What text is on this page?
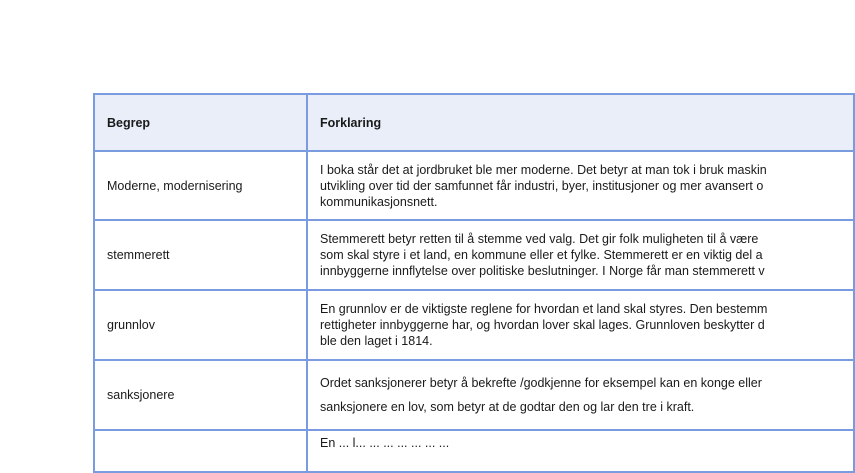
Begrep	Forklaring
Moderne, modernisering	I boka står det at jordbruket ble mer moderne. Det betyr at man tok i bruk maskin
utvikling over tid der samfunnet får industri, byer, institusjoner og mer avansert o
kommunikasjonsnett.

stemmerett	Stemmerett betyr retten til å stemme ved valg. Det gir folk muligheten til å være
som skal styre i et land, en kommune eller et fylke. Stemmerett er en viktig del a
innbyggerne innflytelse over politiske beslutninger. I Norge får man stemmerett v

grunnlov	En grunnlov er de viktigste reglene for hvordan et land skal styres. Den bestemm
rettigheter innbyggerne har, og hvordan lover skal lages. Grunnloven beskytter d
ble den laget i 1814.

sanksjonere	Ordet sanksjonerer betyr å bekrefte /godkjenne for eksempel kan en konge eller
sanksjonere en lov, som betyr at de godtar den og lar den tre i kraft.

	En ... l... ... ... ... ... ... ...
